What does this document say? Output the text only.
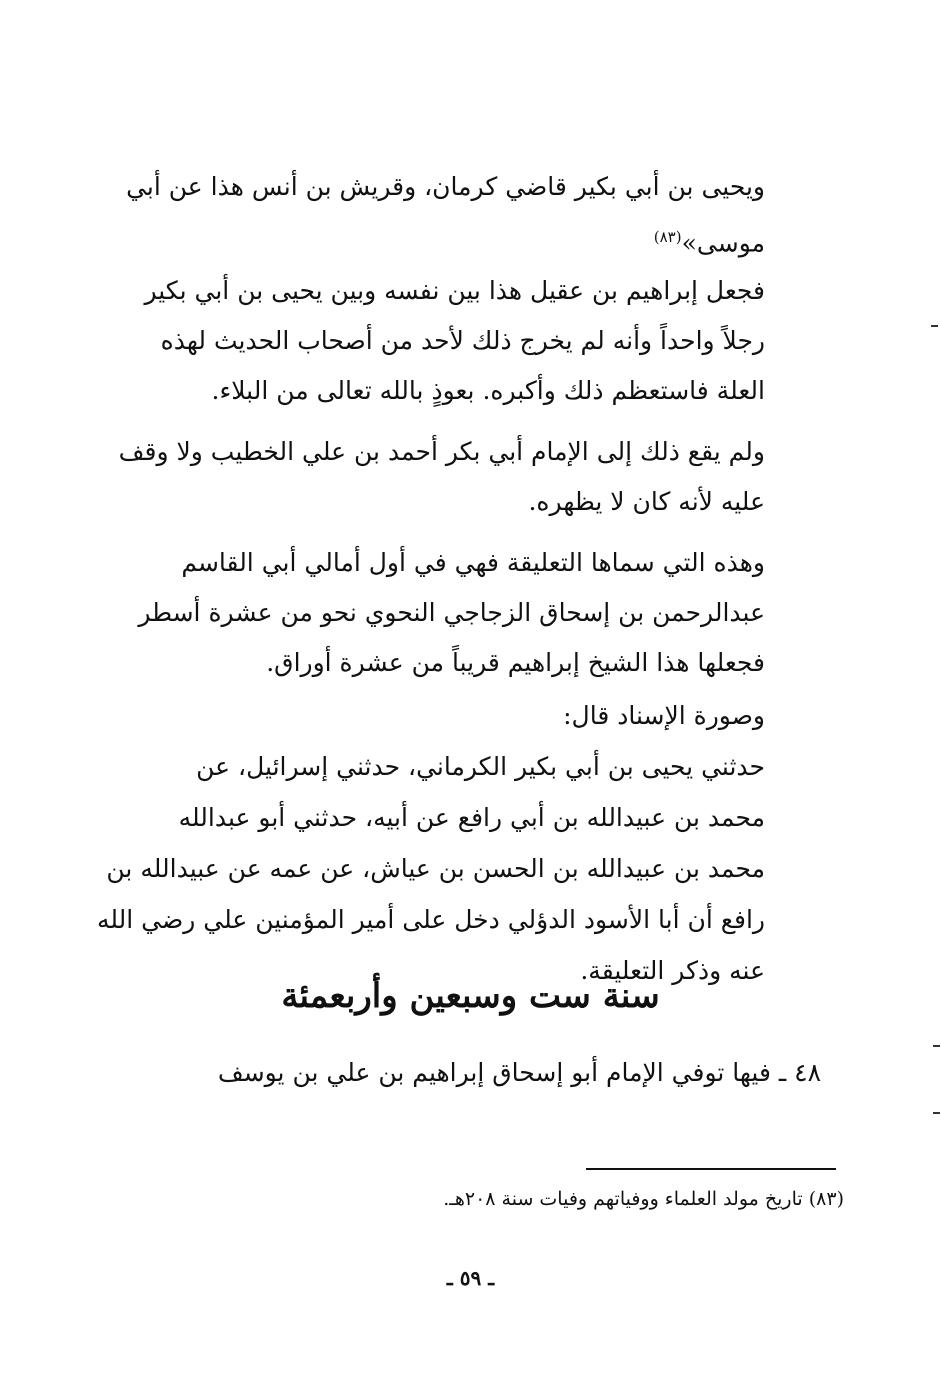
ويحيى بن أبي بكير قاضي كرمان، وقريش بن أنس هذا عن أبي
موسى»$^{(٨٣)}$
فجعل إبراهيم بن عقيل هذا بين نفسه وبين يحيى بن أبي بكير
رجلاً واحداً وأنه لم يخرج ذلك لأحد من أصحاب الحديث لهذه
العلة فاستعظم ذلك وأكبره. بعوذٍ بالله تعالى من البلاء.
ولم يقع ذلك إلى الإمام أبي بكر أحمد بن علي الخطيب ولا وقف
عليه لأنه كان لا يظهره.
وهذه التي سماها التعليقة فهي في أول أمالي أبي القاسم
عبدالرحمن بن إسحاق الزجاجي النحوي نحو من عشرة أسطر
فجعلها هذا الشيخ إبراهيم قريباً من عشرة أوراق.
وصورة الإسناد قال:
حدثني يحيى بن أبي بكير الكرماني، حدثني إسرائيل، عن
محمد بن عبيدالله بن أبي رافع عن أبيه، حدثني أبو عبدالله
محمد بن عبيدالله بن الحسن بن عياش، عن عمه عن عبيدالله بن
رافع أن أبا الأسود الدؤلي دخل على أمير المؤمنين علي رضي الله
عنه وذكر التعليقة.
سنة ست وسبعين وأربعمئة
٤٨ ـ فيها توفي الإمام أبو إسحاق إبراهيم بن علي بن يوسف
(٨٣) تاريخ مولد العلماء ووفياتهم وفيات سنة ٢٠٨هـ.
ـ ٥٩ ـ
